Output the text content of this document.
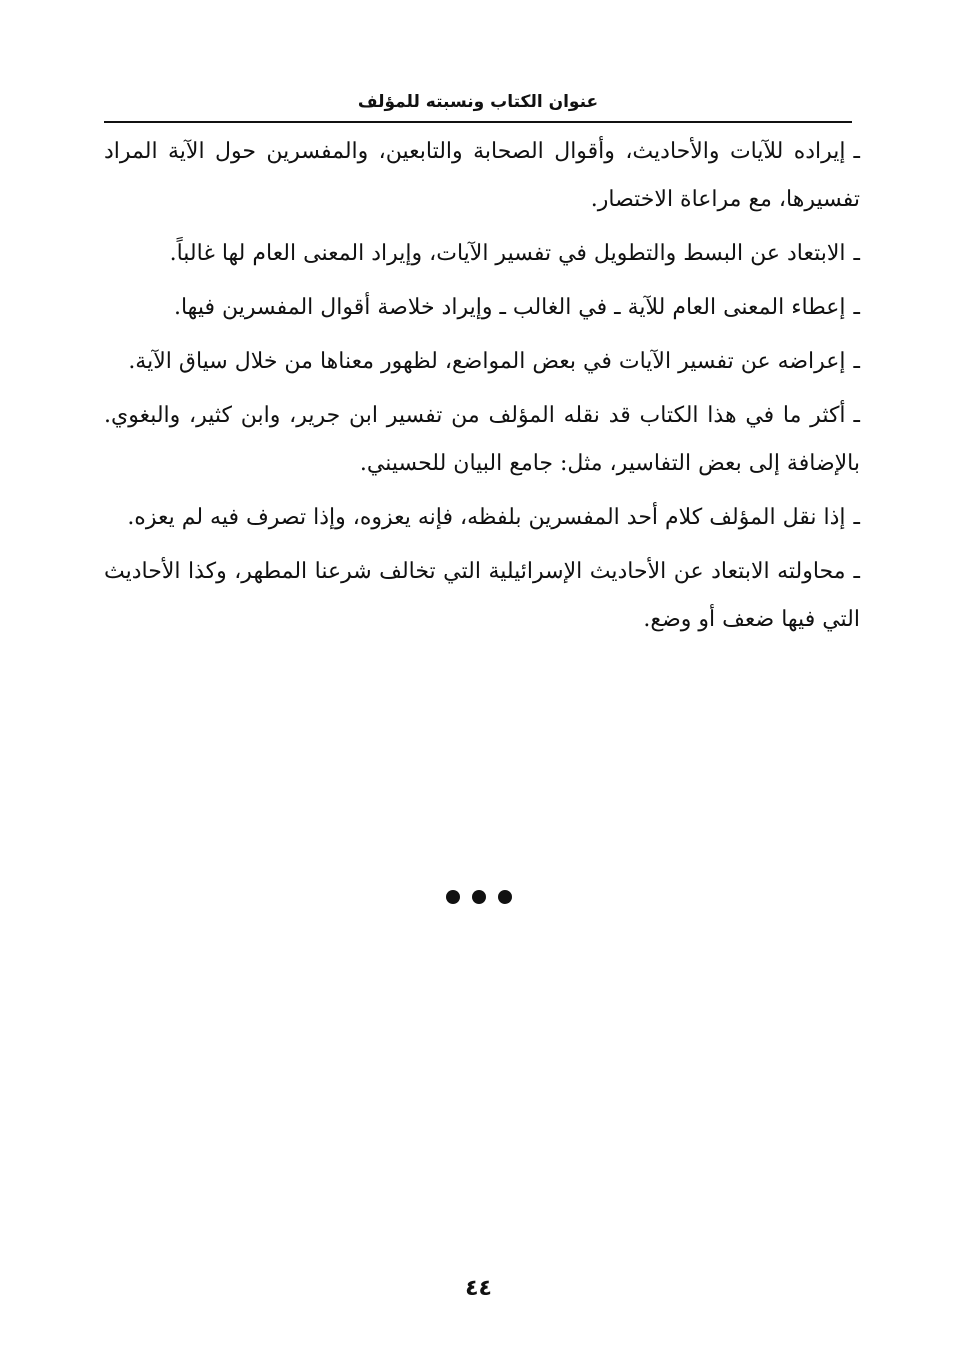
عنوان الكتاب ونسبته للمؤلف

ـإيراده للآيات والأحاديث، وأقوال الصحابة والتابعين، والمفسرين حول الآية المراد تفسيرها، مع مراعاة الاختصار.

ـالابتعاد عن البسط والتطويل في تفسير الآيات، وإيراد المعنى العام لها غالباً.

ـإعطاء المعنى العام للآية ـ في الغالب ـ وإيراد خلاصة أقوال المفسرين فيها.

ـإعراضه عن تفسير الآيات في بعض المواضع، لظهور معناها من خلال سياق الآية.

ـأكثر ما في هذا الكتاب قد نقله المؤلف من تفسير ابن جرير، وابن كثير، والبغوي. بالإضافة إلى بعض التفاسير، مثل: جامع البيان للحسيني.

ـإذا نقل المؤلف كلام أحد المفسرين بلفظه، فإنه يعزوه، وإذا تصرف فيه لم يعزه.

ـمحاولته الابتعاد عن الأحاديث الإسرائيلية التي تخالف شرعنا المطهر، وكذا الأحاديث التي فيها ضعف أو وضع.

٤٤
